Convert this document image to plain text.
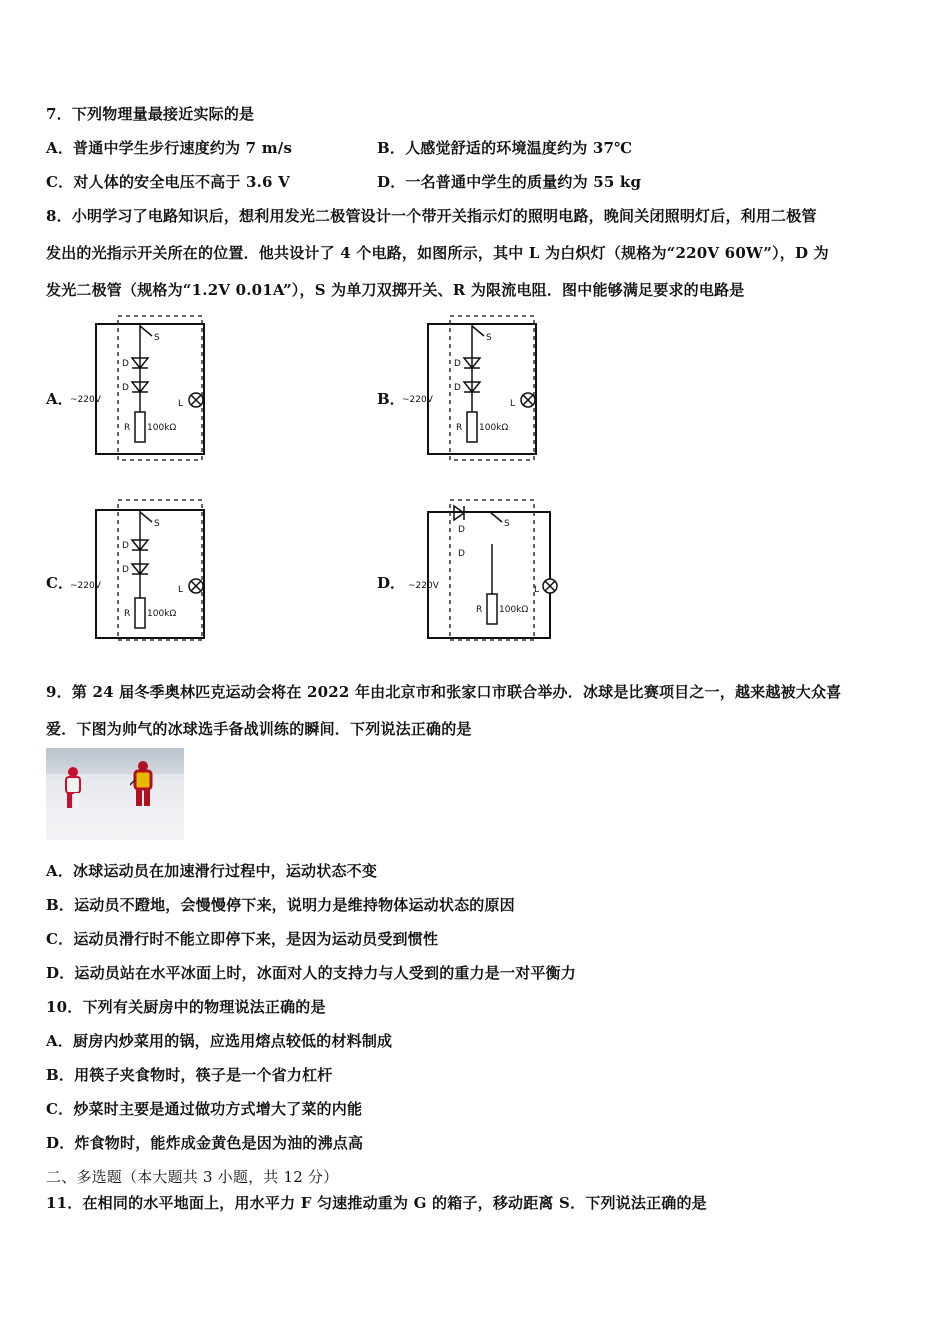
7．下列物理量最接近实际的是
A．普通中学生步行速度约为 7 m/s	B．人感觉舒适的环境温度约为 37℃
C．对人体的安全电压不高于 3.6 V	D．一名普通中学生的质量约为 55 kg
8．小明学习了电路知识后，想利用发光二极管设计一个带开关指示灯的照明电路，晚间关闭照明灯后，利用二极管
发出的光指示开关所在的位置．他共设计了 4 个电路，如图所示，其中 L 为白炽灯（规格为“220V 60W”），D 为
发光二极管（规格为“1.2V 0.01A”），S 为单刀双掷开关、R 为限流电阻．图中能够满足要求的电路是
A．
S
D
D
R 100kΩ
~220V	L	B．
S
D
D
R 100kΩ
~220V	L
C．
S
D
D
R 100kΩ
~220V	L	D．
D
D
S
R 100kΩ
~220V	L
9．第 24 届冬季奥林匹克运动会将在 2022 年由北京市和张家口市联合举办．冰球是比赛项目之一，越来越被大众喜
爱．下图为帅气的冰球选手备战训练的瞬间．下列说法正确的是
A．冰球运动员在加速滑行过程中，运动状态不变
B．运动员不蹬地，会慢慢停下来，说明力是维持物体运动状态的原因
C．运动员滑行时不能立即停下来，是因为运动员受到惯性
D．运动员站在水平冰面上时，冰面对人的支持力与人受到的重力是一对平衡力
10．下列有关厨房中的物理说法正确的是
A．厨房内炒菜用的锅，应选用熔点较低的材料制成
B．用筷子夹食物时，筷子是一个省力杠杆
C．炒菜时主要是通过做功方式增大了菜的内能
D．炸食物时，能炸成金黄色是因为油的沸点高
二、多选题（本大题共 3 小题，共 12 分）
11．在相同的水平地面上，用水平力 F 匀速推动重为 G 的箱子，移动距离 S．下列说法正确的是
